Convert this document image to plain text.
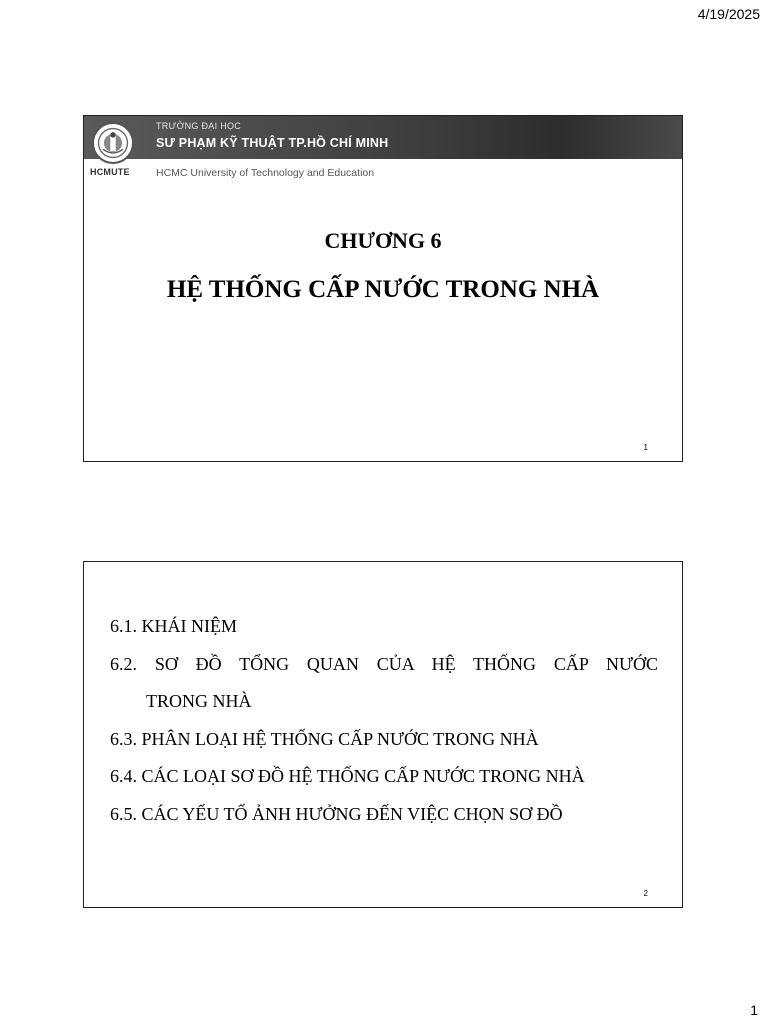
4/19/2025
TRƯỜNG ĐẠI HỌC
SƯ PHẠM KỸ THUẬT TP.HỒ CHÍ MINH
HCMUTE	HCMC University of Technology and Education
CHƯƠNG 6
HỆ THỐNG CẤP NƯỚC TRONG NHÀ
1
6.1. KHÁI NIỆM
6.2. SƠ ĐỒ TỔNG QUAN CỦA HỆ THỐNG CẤP NƯỚC
TRONG NHÀ
6.3. PHÂN LOẠI HỆ THỐNG CẤP NƯỚC TRONG NHÀ
6.4. CÁC LOẠI SƠ ĐỒ HỆ THỐNG CẤP NƯỚC TRONG NHÀ
6.5. CÁC YẾU TỐ ẢNH HƯỞNG ĐẾN VIỆC CHỌN SƠ ĐỒ
2
1
